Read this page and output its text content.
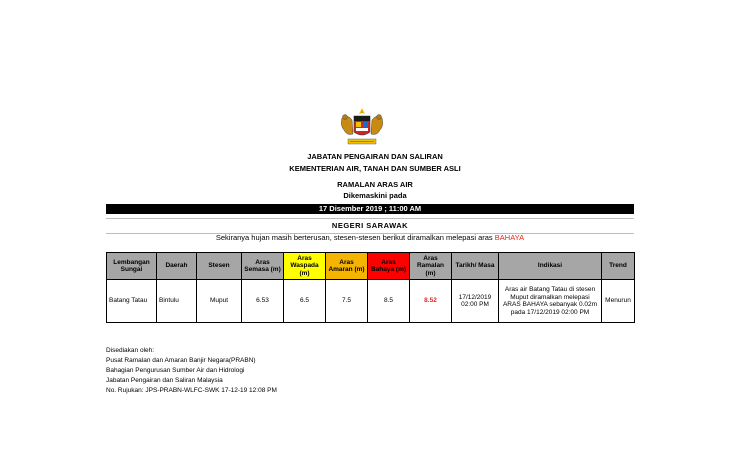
JABATAN PENGAIRAN DAN SALIRAN
KEMENTERIAN AIR, TANAH DAN SUMBER ASLI
RAMALAN ARAS AIR
Dikemaskini pada
17 Disember 2019 ; 11:00 AM
NEGERI SARAWAK
Sekiranya hujan masih berterusan, stesen-stesen berikut diramalkan melepasi aras BAHAYA
Lembangan Sungai	Daerah	Stesen	Aras Semasa (m)	Aras Waspada (m)	Aras Amaran (m)	Aras Bahaya (m)	Aras Ramalan (m)	Tarikh/ Masa	Indikasi	Trend
Batang Tatau	Bintulu	Muput	6.53	6.5	7.5	8.5	8.52	17/12/2019 02:00 PM	Aras air Batang Tatau di stesen Muput diramalkan melepasi ARAS BAHAYA sebanyak 0.02m pada 17/12/2019 02:00 PM	Menurun
Disediakan oleh:
Pusat Ramalan dan Amaran Banjir Negara(PRABN)
Bahagian Pengurusan Sumber Air dan Hidrologi
Jabatan Pengairan dan Saliran Malaysia
No. Rujukan: JPS-PRABN-WLFC-SWK 17-12-19 12:08 PM
